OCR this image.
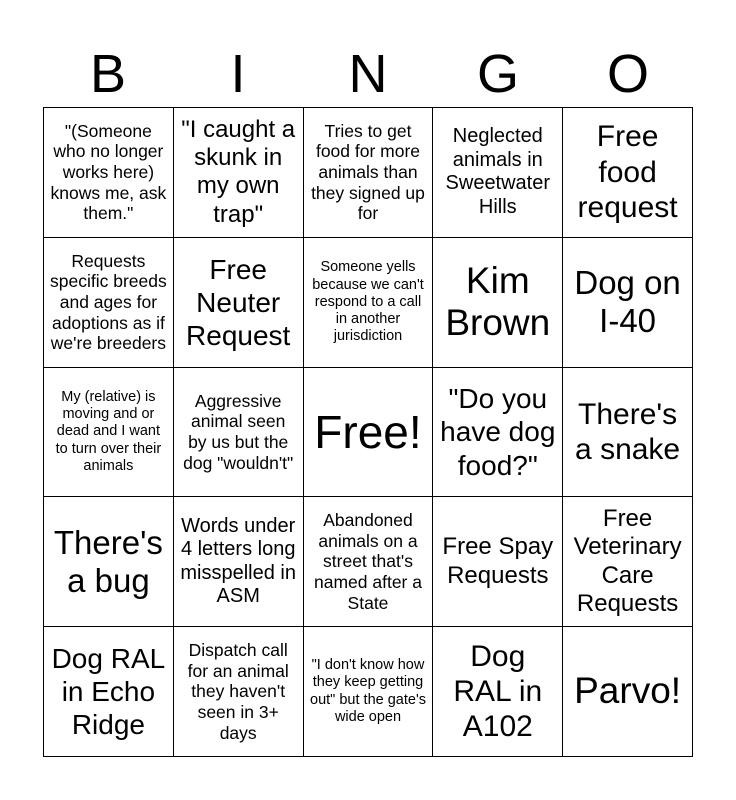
B	I	N	G	O
"(Someone who no longer works here) knows me, ask them."
"I caught a skunk in my own trap"
Tries to get food for more animals than they signed up for
Neglected animals in Sweetwater Hills
Free food request
Requests specific breeds and ages for adoptions as if we're breeders
Free Neuter Request
Someone yells because we can't respond to a call in another jurisdiction
Kim Brown
Dog on I-40
My (relative) is moving and or dead and I want to turn over their animals
Aggressive animal seen by us but the dog "wouldn't"
Free!
"Do you have dog food?"
There's a snake
There's a bug
Words under 4 letters long misspelled in ASM
Abandoned animals on a street that's named after a State
Free Spay Requests
Free Veterinary Care Requests
Dog RAL in Echo Ridge
Dispatch call for an animal they haven't seen in 3+ days
"I don't know how they keep getting out" but the gate's wide open
Dog RAL in A102
Parvo!
